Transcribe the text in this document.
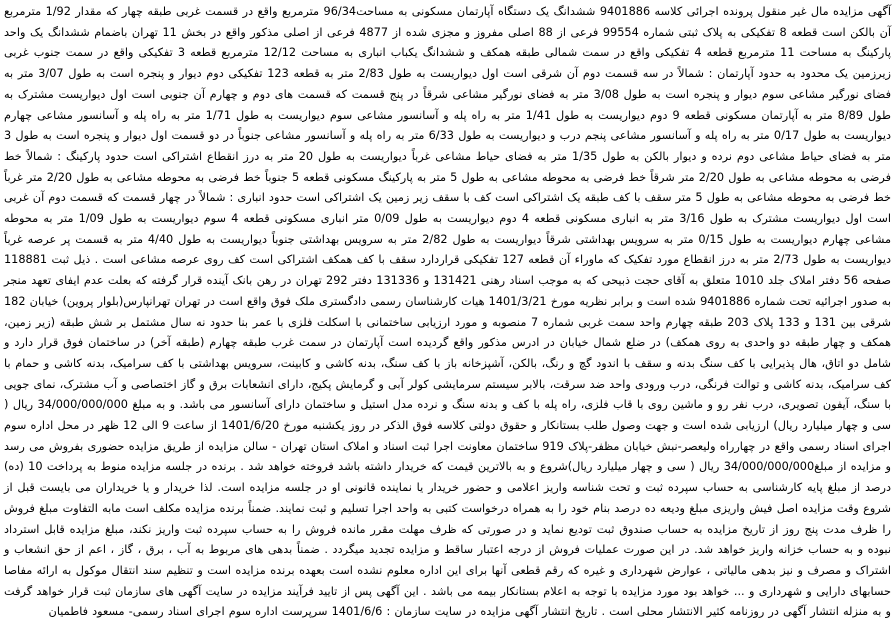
آگهی مزایده مال غیر منقول پرونده اجرائی کلاسه 9401886 ششدانگ یک دستگاه آپارتمان مسکونی به مساحت96/34 مترمربع واقع در قسمت غربی طبقه چهار که مقدار 1/92 مترمربع آن بالکن است قطعه 8 تفکیکی به پلاک ثبتی شماره 99554 فرعی از 88 اصلی مفروز و مجزی شده از 4877 فرعی از اصلی مذکور واقع در بخش 11 تهران باضمام ششدانگ یک واحد پارکینگ به مساحت 11 مترمربع قطعه 4 تفکیکی واقع در سمت شمالی طبقه همکف و ششدانگ یکباب انباری به مساحت 12/12 مترمربع قطعه 3 تفکیکی واقع در سمت جنوب غربی زیرزمین یک محدود به حدود آپارتمان : شمالاً در سه قسمت دوم آن شرقی است اول دیواریست به طول 2/83 متر به قطعه 123 تفکیکی دوم دیوار و پنجره است به طول 3/07 متر به فضای نورگیر مشاعی سوم دیوار و پنجره است به طول 3/08 متر به فضای نورگیر مشاعی شرقاً در پنج قسمت که قسمت های دوم و چهارم آن جنوبی است اول دیواریست مشترک به طول 8/89 متر به آپارتمان مسکونی قطعه 9 دوم دیواریست به طول 1/41 متر به راه پله و آسانسور مشاعی سوم دیواریست به طول 1/71 متر به راه پله و آسانسور مشاعی چهارم دیواریست به طول 0/17 متر به راه پله و آسانسور مشاعی پنجم درب و دیواریست به طول 6/33 متر به راه پله و آسانسور مشاعی جنوباً در دو قسمت اول دیوار و پنجره است به طول 3 متر به فضای حیاط مشاعی دوم نرده و دیوار بالکن به طول 1/35 متر به فضای حیاط مشاعی غرباً دیواریست به طول 20 متر به درز انقطاع اشتراکی است حدود پارکینگ : شمالاً خط فرضی به محوطه مشاعی به طول 2/20 متر شرقاً خط فرضی به محوطه مشاعی به طول 5 متر به پارکینگ مسکونی قطعه 5 جنوباً خط فرضی به محوطه مشاعی به طول 2/20 متر غرباً خط فرضی به محوطه مشاعی به طول 5 متر سقف با کف طبقه یک اشتراکی است کف با سقف زیر زمین یک اشتراکی است حدود انباری : شمالاً در چهار قسمت که قسمت دوم آن غربی است اول دیواریست مشترک به طول 3/16 متر به انباری مسکونی قطعه 4 دوم دیواریست به طول 0/09 متر انباری مسکونی قطعه 4 سوم دیواریست به طول 1/09 متر به محوطه مشاعی چهارم دیواریست به طول 0/15 متر به سرویس بهداشتی شرقاً دیواریست به طول 2/82 متر به سرویس بهداشتی جنوباً دیواریست به طول 4/40 متر به قسمت پر عرصه غرباً دیواریست به طول 2/73 متر به درز انقطاع مورد تفکیک که ماوراء آن قطعه 127 تفکیکی قراردارد سقف با کف همکف اشتراکی است کف روی عرصه مشاعی است . ذیل ثبت 118881 صفحه 56 دفتر املاک جلد 1010 متعلق به آقای حجت ذبیحی که به موجب اسناد رهنی 131421 و 131336 دفتر 292 تهران در رهن بانک آینده قرار گرفته که بعلت عدم ایفای تعهد منجر به صدور اجرائیه تحت شماره 9401886 شده است و برابر نظریه مورخ 1401/3/21 هیات کارشناسان رسمی دادگستری ملک فوق واقع است در تهران تهرانپارس(بلوار پروین) خیابان 182 شرقی بین 131 و 133 پلاک 203 طبقه چهارم واحد سمت غربی شماره 7 منصوبه و مورد ارزیابی ساختمانی با اسکلت فلزی با عمر بنا حدود نه سال مشتمل بر شش طبقه (زیر زمین، همکف و چهار طبقه دو واحدی به روی همکف) در ضلع شمال خیابان در ادرس مذکور واقع گردیده است آپارتمان در سمت غرب طبقه چهارم (طبقه آخر) در ساختمان فوق قرار دارد و شامل دو اتاق، هال پذیرایی با کف سنگ بدنه و سقف با اندود گچ و رنگ، بالکن، آشپزخانه باز با کف سنگ، بدنه کاشی و کابینت، سرویس بهداشتی با کف سرامیک، بدنه کاشی و حمام با کف سرامیک، بدنه کاشی و توالت فرنگی، درب ورودی واحد ضد سرقت، بالابر سیستم سرمایشی کولر آبی و گرمایش پکیج، دارای انشعابات برق و گاز اختصاصی و آب مشترک، نمای جویی با سنگ، آیفون تصویری، درب نفر رو و ماشین روی با قاب فلزی، راه پله با کف و بدنه سنگ و نرده مدل استیل و ساختمان دارای آسانسور می باشد. و به مبلغ 34/000/000/000 ریال ( سی و چهار میلیارد ریال) ارزیابی شده است و جهت وصول طلب بستانکار و حقوق دولتی کلاسه فوق الذکر در روز یکشنبه مورخ 1401/6/20 از ساعت 9 الی 12 ظهر در محل اداره سوم اجرای اسناد رسمی واقع در چهارراه ولیعصر-نبش خیابان مظفر-پلاک 919 ساختمان معاونت اجرا ثبت اسناد و املاک استان تهران - سالن مزایده از طریق مزایده حضوری بفروش می رسد و مزایده از مبلغ34/000/000/000 ریال ( سی و چهار میلیارد ریال)شروع و به بالاترین قیمت که خریدار داشته باشد فروخته خواهد شد . برنده در جلسه مزایده منوط به پرداخت 10 (ده) درصد از مبلغ پایه کارشناسی به حساب سپرده ثبت و تحت شناسه واریز اعلامی و حضور خریدار یا نماینده قانونی او در جلسه مزایده است. لذا خریدار و یا خریداران می بایست قبل از شروع وقت مزایده اصل فیش واریزی مبلغ ودیعه ده درصد بنام خود را به همراه درخواست کتبی به واحد اجرا تسلیم و ثبت نمایند. ضمناً برنده مزایده مکلف است مابه التفاوت مبلغ فروش را ظرف مدت پنج روز از تاریخ مزایده به حساب صندوق ثبت تودیع نماید و در صورتی که ظرف مهلت مقرر مانده فروش را به حساب سپرده ثبت واریز نکند، مبلغ مزایده قابل استرداد نبوده و به حساب خزانه واریز خواهد شد. در این صورت عملیات فروش از درجه اعتبار ساقط و مزایده تجدید میگردد . ضمناً بدهی های مربوط به آب ، برق ، گاز ، اعم از حق انشعاب و اشتراک و مصرف و نیز بدهی مالیاتی ، عوارض شهرداری و غیره که رقم قطعی آنها برای این اداره معلوم نشده است بعهده برنده مزایده است و تنظیم سند انتقال موکول به ارائه مفاصا حسابهای دارایی و شهرداری و ... خواهد بود مورد مزایده با توجه به اعلام بستانکار بیمه می باشد . این آگهی پس از تایید فرآیند مزایده در سایت آگهی های سازمان ثبت قرار خواهد گرفت و به منزله انتشار آگهی در روزنامه کثیر الانتشار محلی است . تاریخ انتشار آگهی مزایده در سایت سازمان : 1401/6/6 سرپرست اداره سوم اجرای اسناد رسمی- مسعود فاطمیان
